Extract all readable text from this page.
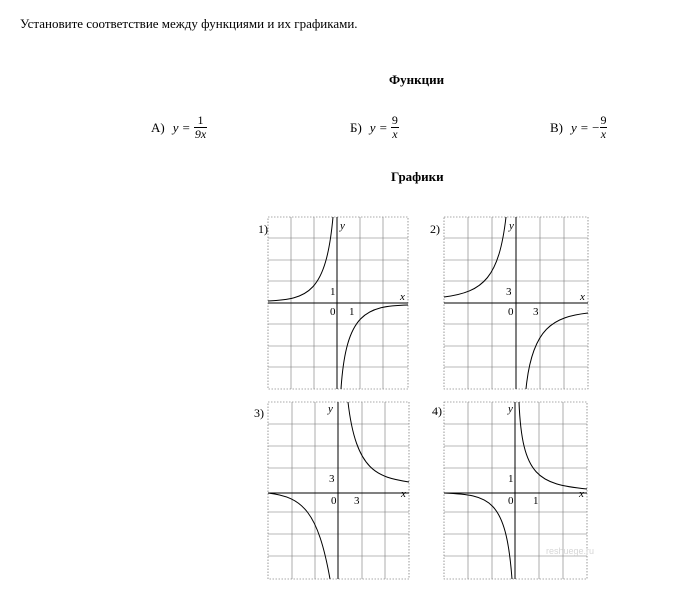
Установите соответствие между функциями и их графиками.
Функции
А) $y = \frac{1}{9x}$	Б) $y = \frac{9}{x}$	В) y = − $\frac{9}{x}$
Графики
1)	2)
3)	4)
y
x
0 1
1
y
x
0 3
3
y
x
0 3
3
y
x
0 1
1
reshuege.ru
